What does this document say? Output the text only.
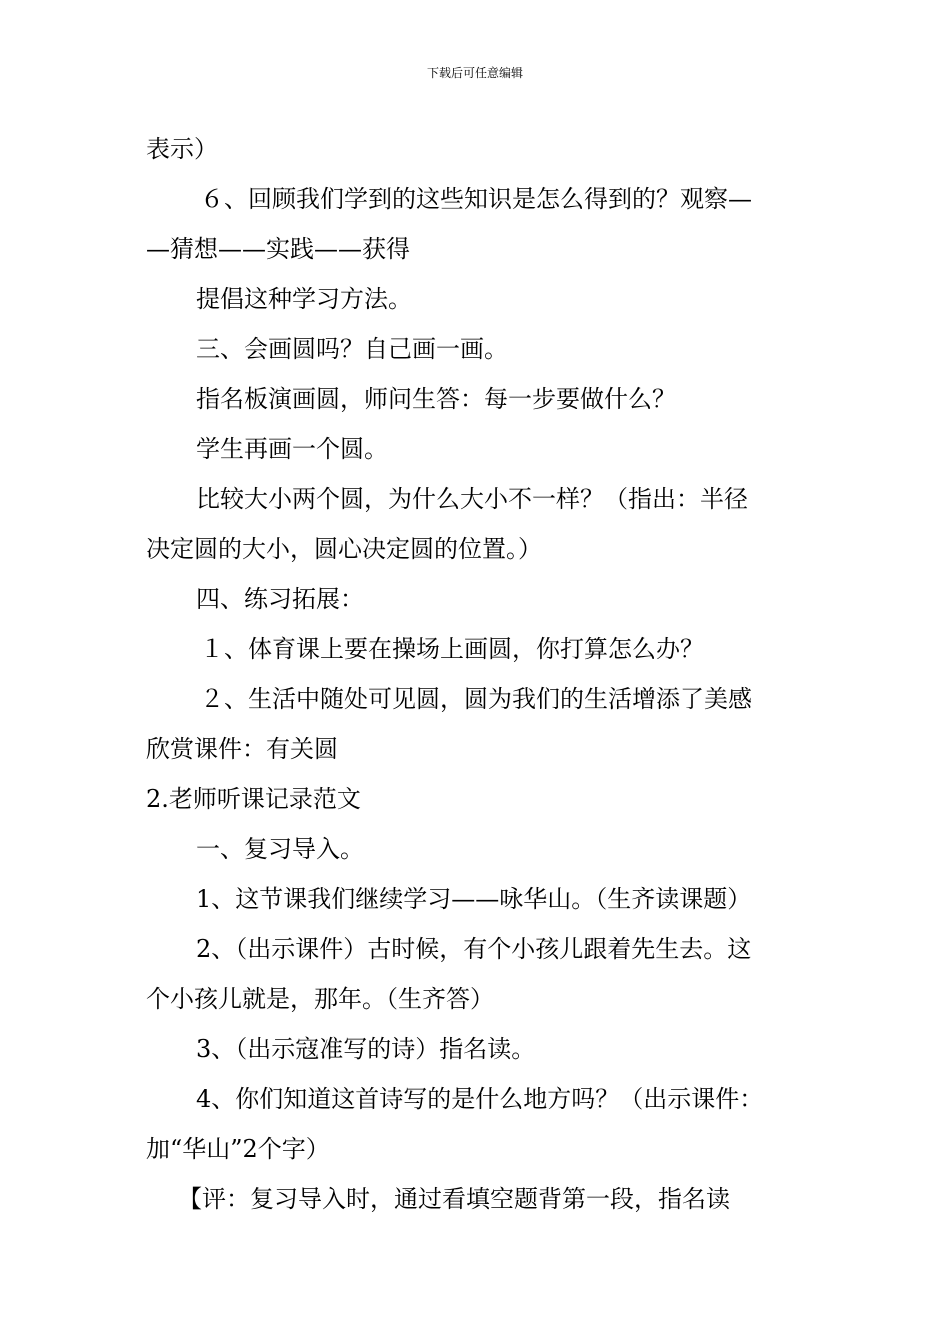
下载后可任意编辑

表示）

６、回顾我们学到的这些知识是怎么得到的？观察—

—猜想——实践——获得

提倡这种学习方法。

三、会画圆吗？自己画一画。

指名板演画圆，师问生答：每一步要做什么？

学生再画一个圆。

比较大小两个圆，为什么大小不一样？（指出：半径

决定圆的大小，圆心决定圆的位置。）

四、练习拓展：

１、体育课上要在操场上画圆，你打算怎么办？

２、生活中随处可见圆，圆为我们的生活增添了美感

欣赏课件：有关圆

2.老师听课记录范文

一、复习导入。

1、这节课我们继续学习——咏华山。（生齐读课题）

2、（出示课件）古时候，有个小孩儿跟着先生去。这

个小孩儿就是，那年。（生齐答）

3、（出示寇准写的诗）指名读。

4、你们知道这首诗写的是什么地方吗？（出示课件：

加“华山”2个字）

【评：复习导入时，通过看填空题背第一段，指名读
